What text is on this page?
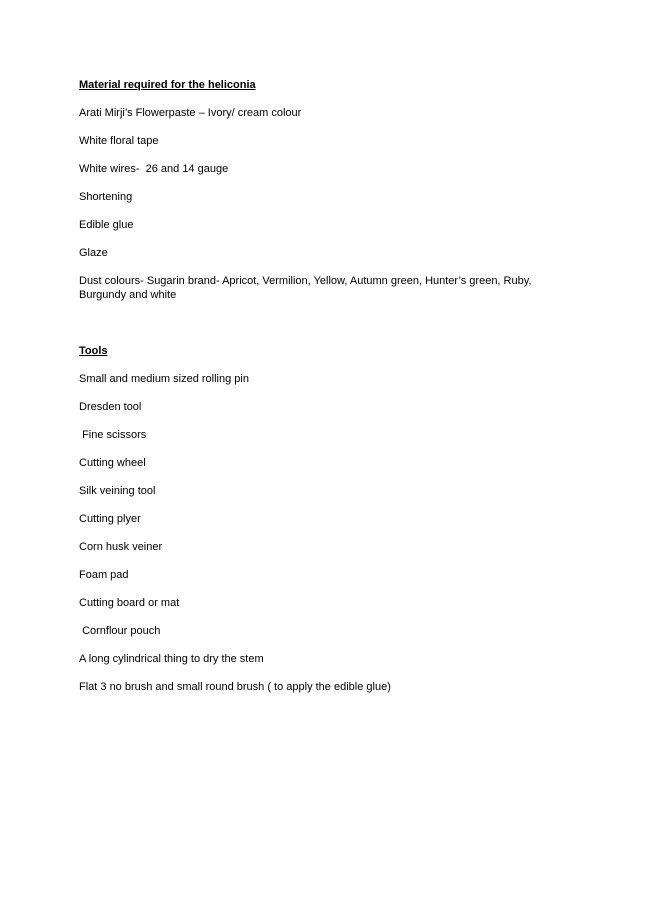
Material required for the heliconia

Arati Mirji’s Flowerpaste – Ivory/ cream colour

White floral tape

White wires-  26 and 14 gauge

Shortening

Edible glue

Glaze

Dust colours- Sugarin brand- Apricot, Vermilion, Yellow, Autumn green, Hunter’s green, Ruby, Burgundy and white

Tools

Small and medium sized rolling pin

Dresden tool

Fine scissors

Cutting wheel

Silk veining tool

Cutting plyer

Corn husk veiner

Foam pad

Cutting board or mat

Cornflour pouch

A long cylindrical thing to dry the stem

Flat 3 no brush and small round brush ( to apply the edible glue)
